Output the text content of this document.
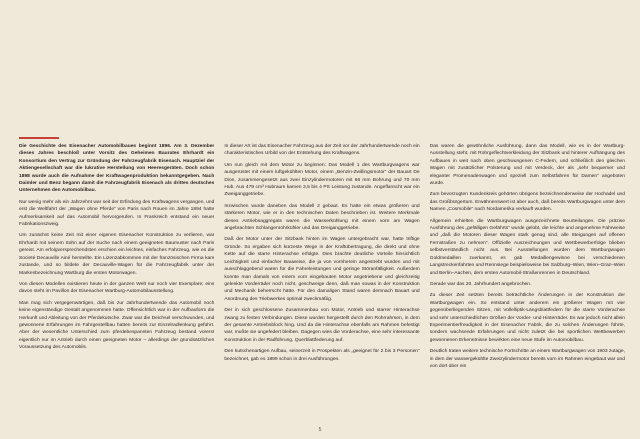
Die Geschichte des Eisenacher Automobilbaues beginnt 1896. Am 3. Dezember dieses Jahres beschloß unter Vorsitz des Geheimen Baurates Ehrhardt ein Konsortium den Vertrag zur Gründung der Fahrzeugfabrik Eisenach. Hauptziel der Aktiengesellschaft war die lukrative Herstellung von Heeresgeräten. Doch schon 1898 wurde auch die Aufnahme der Kraftwagenproduktion bekanntgegeben. Nach Daimler und Benz begann damit die Fahrzeugfabrik Eisenach als drittes deutsches Unternehmen den Automobilbau.

Nur wenig mehr als ein Jahrzehnt war seit der Erfindung des Kraftwagens vergangen, und erst die Weltfahrt der „Wagen ohne Pferde“ von Paris nach Rouen im Jahre 1894 hatte Aufmerksamkeit auf das Automobil hervorgerufen. In Frankreich entstand ein neuer Fabrikationszweig.

Um zunächst keine Zeit mit einer eigenen Eisenacher Konstruktion zu verlieren, war Ehrhardt mit seinem Sohn auf der Suche nach einem geeigneten Baumuster nach Paris gereist. Am erfolgversprechendsten erschien ein leichtes, einfaches Fahrzeug, wie es die Societé Decauville Ainé herstellte. Ein Lizenzabkommen mit der französischen Firma kam zustande, und so bildete der Decauville-Wagen für die Fahrzeugfabrik unter der Markenbezeichnung Wartburg die ersten Motorwagen.

Von diesen Modellen existieren heute in der ganzen Welt nur noch vier Exemplare; eins davon steht im Pavillon der Eisenacher Wartburg-Automobilausstellung.

Man mag sich vergegenwärtigen, daß bis zur Jahrhundertwende das Automobil noch keine eigenständige Gestalt angenommen hatte. Offensichtlich war in der Aufbauform die Herkunft und Ableitung von der Pferdekutsche. Zwar war die Deichsel verschwunden, und gewonnene Erfahrungen im Fahrgestellbau hatten bereits zur Einzelradlenkung geführt. Aber der wesentliche Unterschied zum pferdebespannten Fahrzeug bestand vorerst eigentlich nur im Antrieb durch einen geeigneten Motor – allerdings der grundsätzlichen Voraussetzung des Automobils.

In dieser Art ist das Eisenacher Fahrzeug aus der Zeit vor der Jahrhundertwende noch ein charakteristisches Urbild von der Entstehung des Kraftwagens.

Um nun gleich mit dem Motor zu beginnen: Das Modell 1 des Wartburgwagens war ausgerüstet mit einem luftgekühlten Motor, einem „Benzin-Zwillingsmotor“ der Bauart De Dion, zusammengesetzt aus zwei Einzylindermotoren mit 66 mm Bohrung und 70 mm Hub. Aus 479 cm³ Hubraum kamen 3,5 bis 4 PS Leistung zustande. Angeflanscht war ein Zweiganggetriebe.

Inzwischen wurde daneben das Modell 2 gebaut. Es hatte ein etwas größeren und stärkeren Motor, wie er in den technischen Daten beschrieben ist. Weitere Merkmale dieses Antriebsaggregats waren die Wasserkühlung mit einem vorn am Wagen angebrachten Schlangenrohrkühler und das Dreiganggetriebe.

Daß der Motor unter der Sitzbank hinten im Wagen untergebracht war, hatte triftige Gründe. So ergaben sich kürzeste Wege in der Kraftübertragung, die direkt und ohne Kette auf die starre Hinterachse erfolgte. Dies brachte deutliche Vorteile hinsichtlich Leichtigkeit und einfacher Bauweise, die ja von vornherein angestrebt wurden und mit ausschlaggebend waren für die Fahreleistungen und geringe Störanfälligkeit. Außerdem konnte man damals von einem vorn eingebauten Motor angetriebene und gleichzeitig gelenkte Vorderräder noch nicht, geschweige denn, daß man sowas in der Konstruktion und Mechanik beherrscht hätte. Für den damaligen Stand waren demnach Bauart und Anordnung des Triebwerkes optimal zweckmäßig.

Der in sich geschlossene Zusammenbau von Motor, Antrieb und starrer Hinterachse zwang zu festen Verbindungen. Diese wurden hergestellt durch den Rohrrahmen, in dem der gesamte Antriebsblock hing. Und da die Hinterachse ebenfalls am Rahmen befestigt war, mußte sie ungefedert bleiben. Dagegen wies die Vorderachse, eine sehr interessante Konstruktion in der Radführung, Querblattfederung auf.

Den kutschenartigen Aufbau, seinerzeit in Prospekten als „geeignet für 2 bis 3 Personen“ bezeichnet, gab es 1899 schon in drei Ausführungen.

Das waren die gewöhnliche Ausführung, dann das Modell, wie es in der Wartburg-Ausstellung steht, mit Rohrgeflechtverkleidung der Sitzbank und hinterer Aufhängung des Aufbaues in weit nach oben geschwungenen C-Federn, und schließlich den gleichen Wagen mit zusätzlicher Polsterung und mit Verdeck, der als „sehr bequemer und eleganter Promenadenwagen und speziell zum Selbstfahren für Damen“ angeboten wurde.

Zum bevorzugten Kundenkreis gehörten übrigens bezeichnenderweise der Hochadel und das Großbürgertum. Erwähnenswert ist aber auch, daß bereits Wartburgwagen unter dem Namen „Cosmobile“ nach Nordamerika verkauft wurden.

Allgemein erhielten die Wartburgwagen ausgezeichnete Beurteilungen. Die präzise Ausführung des „gefälligen Gefährts“ wurde gelobt, die leichte und angenehme Fahrweise und „daß die Motoren dieser Wagen stark genug sind, alle Steigungen auf offenen Fernstraßen zu nehmen“. Offizielle Auszeichnungen und Wettbewerberfolge blieben selbstverständlich nicht aus. Bei Ausstellungen wurden dem Wartburgwagen Goldmedaillen zuerkannt, es gab Medaillengewinne bei verschiedenen Langstreckenfahrten und Rennsiege beispielsweise bei Salzburg–Wien, Wien–Graz–Wien und Berlin–Aachen, dem ersten Automobil-Straßenrennen in Deutschland.

Gerade war das 20. Jahrhundert angebrochen.

Zu dieser Zeit setzten bereits beträchtliche Änderungen in der Konstruktion der Wartburgwagen ein. So entstand unter anderem ein größerer Wagen mit vier gegenüberliegenden Sitzen, mit Vollelliptik-Längsblattfedern für die starre Vorderachse und sehr unterschiedlichen Größen der Vorder- und Hinterräder. Es war jedoch nicht allein Experimentierfreudigkeit in der Eisenacher Fabrik, die zu solchen Änderungen führte, sondern wachsende Erfahrungen und nicht zuletzt die bei sportlichen Wettbewerben gewonnenen Erkenntnisse bewirkten eine neue Stufe im Automobilbau.

Deutlich traten weitere technische Fortschritte an einem Wartburgwagen von 1903 zutage, in dem der wassergekühlte Zweizylindermotor bereits vorn im Rahmen eingebaut war und von dort über ein

5
